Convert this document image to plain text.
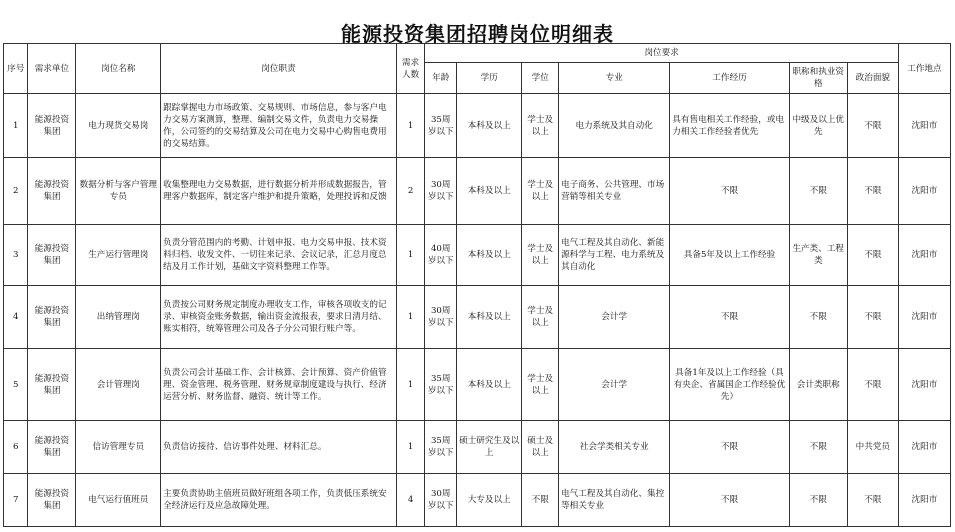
能源投资集团招聘岗位明细表
序号	需求单位	岗位名称	岗位职责	需求人数	岗位要求							工作地点
					年龄	学历	学位	专业	工作经历	职称和执业资格	政治面貌	
1	能源投资集团	电力现货交易岗	跟踪掌握电力市场政策、交易规则、市场信息，参与客户电力交易方案测算，整理、编制交易文件，负责电力交易操作，公司签约的交易结算及公司在电力交易中心购售电费用的交易结算。	1	35周岁以下	本科及以上	学士及以上	电力系统及其自动化	具有售电相关工作经验，或电力相关工作经验者优先	中级及以上优先	不限	沈阳市
2	能源投资集团	数据分析与客户管理专员	收集整理电力交易数据，进行数据分析并形成数据报告，管理客户数据库，制定客户维护和提升策略，处理投诉和反馈	2	30周岁以下	本科及以上	学士及以上	电子商务、公共管理、市场营销等相关专业	不限	不限	不限	沈阳市
3	能源投资集团	生产运行管理岗	负责分管范围内的考勤、计划申报、电力交易申报、技术资料归档、收发文件、一切往来记录、会议记录，汇总月度总结及月工作计划，基础文字资料整理工作等。	1	40周岁以下	本科及以上	学士及以上	电气工程及其自动化、新能源科学与工程、电力系统及其自动化	具备5年及以上工作经验	生产类、工程类	不限	沈阳市
4	能源投资集团	出纳管理岗	负责按公司财务规定制度办理收支工作，审核各项收支的记录、审核资金账务数据，输出资金流报表，要求日清月结、账实相符，统筹管理公司及各子分公司银行账户等。	1	30周岁以下	本科及以上	学士及以上	会计学	不限	不限	不限	沈阳市
5	能源投资集团	会计管理岗	负责公司会计基础工作、会计核算、会计预算、资产价值管理、资金管理、税务管理、财务规章制度建设与执行、经济运营分析、财务监督、融资、统计等工作。	1	35周岁以下	本科及以上	学士及以上	会计学	具备1年及以上工作经验（具有央企、省属国企工作经验优先）	会计类职称	不限	沈阳市
6	能源投资集团	信访管理专员	负责信访接待、信访事件处理、材料汇总。	1	35周岁以下	硕士研究生及以上	硕士及以上	社会学类相关专业	不限	不限	中共党员	沈阳市
7	能源投资集团	电气运行值班员	主要负责协助主值班员做好班组各项工作，负责低压系统安全经济运行及应急故障处理。	4	30周岁以下	大专及以上	不限	电气工程及其自动化、集控等相关专业	不限	不限	不限	沈阳市
